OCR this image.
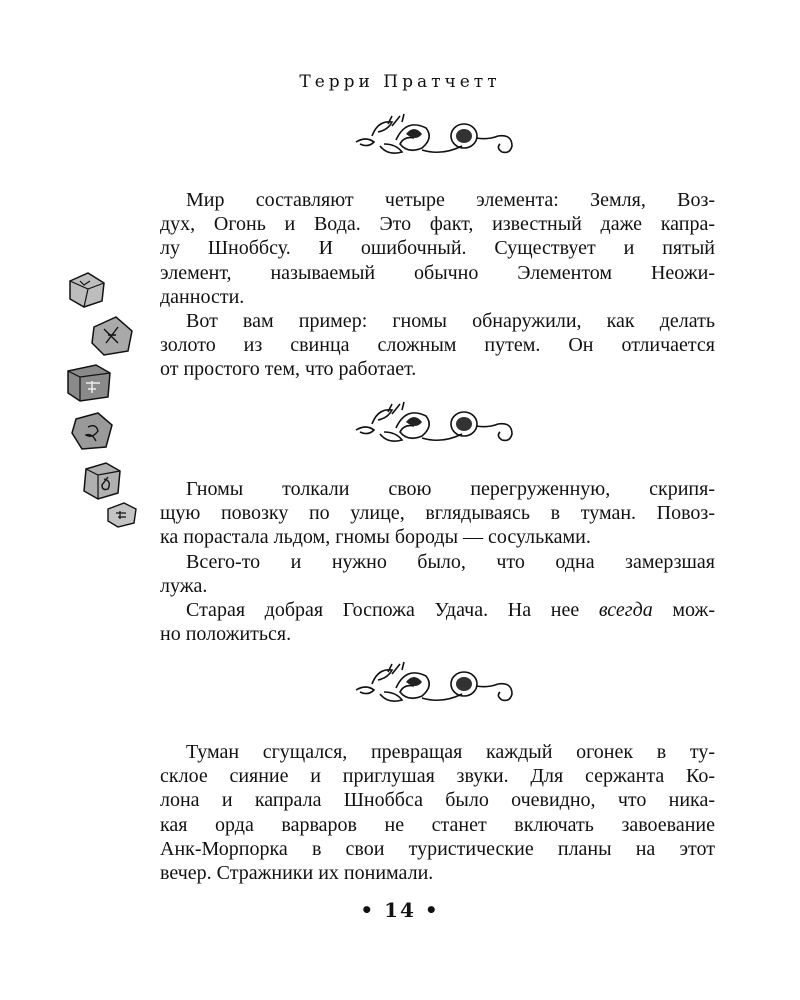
Терри Пратчетт

Мир составляют четыре элемента: Земля, Воз-
дух, Огонь и Вода. Это факт, известный даже капра-
лу Шноббсу. И ошибочный. Существует и пятый
элемент, называемый обычно Элементом Неожи-
данности.

Вот вам пример: гномы обнаружили, как делать
золото из свинца сложным путем. Он отличается
от простого тем, что работает.

Гномы толкали свою перегруженную, скрипя-
щую повозку по улице, вглядываясь в туман. Повоз-
ка порастала льдом, гномы бороды — сосульками.

Всего-то и нужно было, что одна замерзшая
лужа.

Старая добрая Госпожа Удача. На нее всегда мож-
но положиться.

Туман сгущался, превращая каждый огонек в ту-
склое сияние и приглушая звуки. Для сержанта Ко-
лона и капрала Шноббса было очевидно, что ника-
кая орда варваров не станет включать завоевание
Анк-Морпорка в свои туристические планы на этот
вечер. Стражники их понимали.

• 14 •
